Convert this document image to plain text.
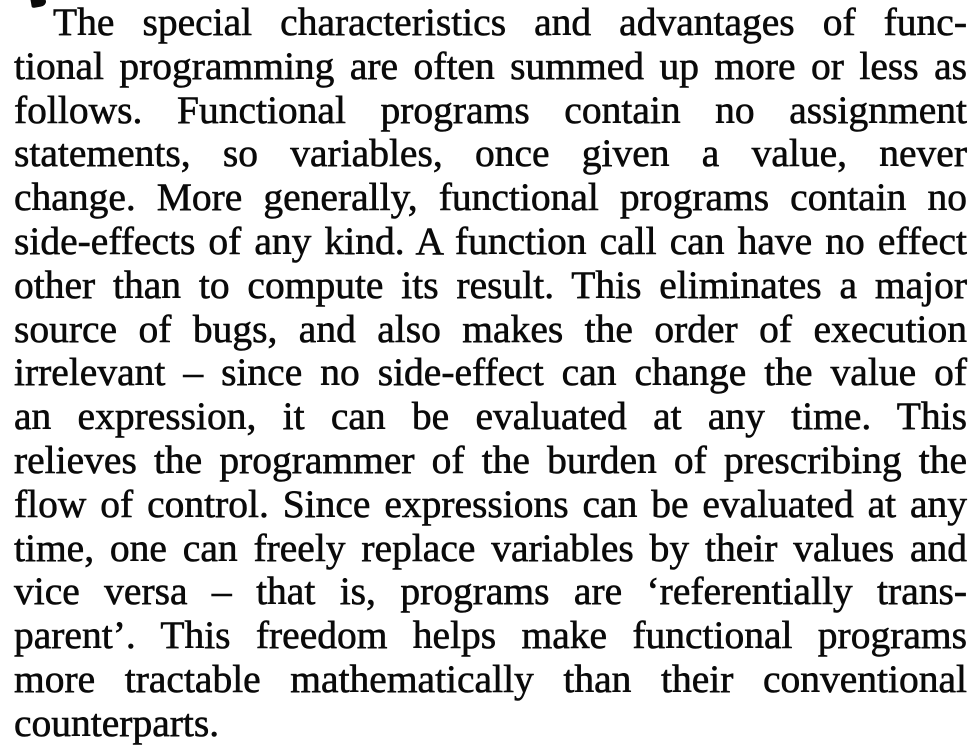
The special characteristics and advantages of func-
tional programming are often summed up more or less as
follows. Functional programs contain no assignment
statements, so variables, once given a value, never
change. More generally, functional programs contain no
side-effects of any kind. A function call can have no effect
other than to compute its result. This eliminates a major
source of bugs, and also makes the order of execution
irrelevant – since no side-effect can change the value of
an expression, it can be evaluated at any time. This
relieves the programmer of the burden of prescribing the
flow of control. Since expressions can be evaluated at any
time, one can freely replace variables by their values and
vice versa – that is, programs are ‘referentially trans-
parent’. This freedom helps make functional programs
more tractable mathematically than their conventional
counterparts.
